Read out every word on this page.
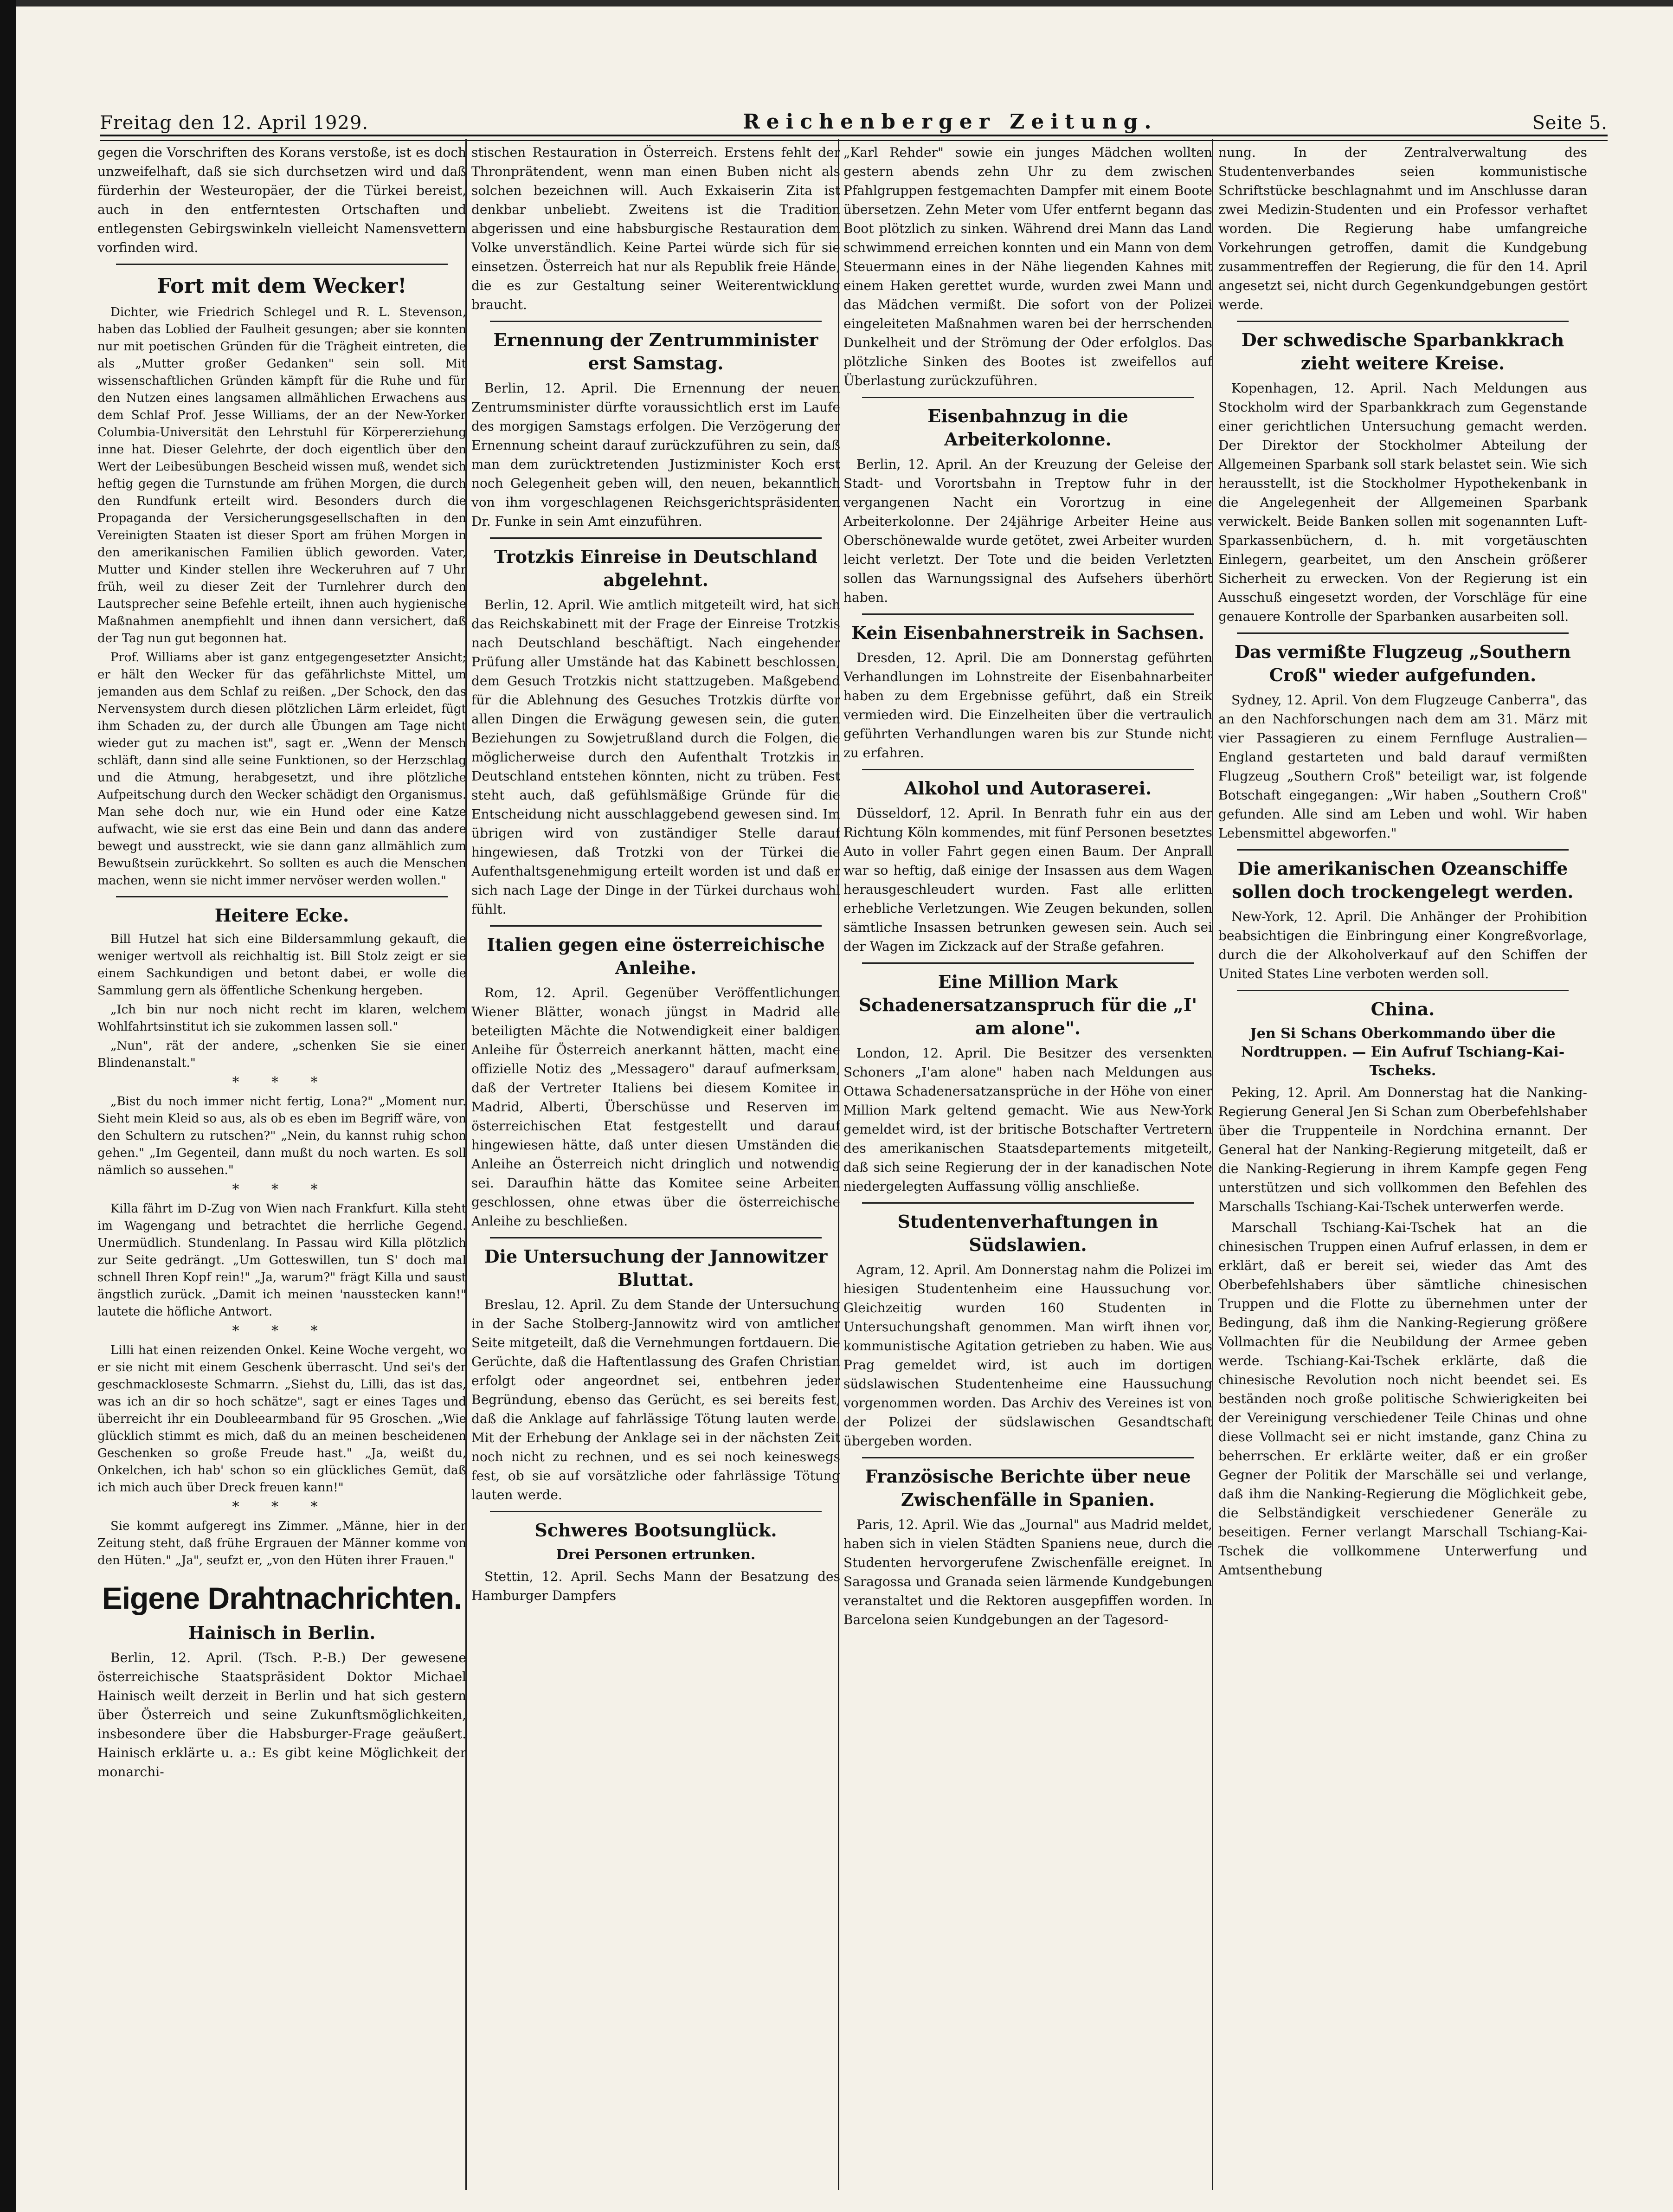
Freitag den 12. April 1929.	Reichenberger Zeitung.	Seite 5.

gegen die Vorschriften des Korans verstoße, ist es doch unzweifelhaft, daß sie sich durchsetzen wird und daß fürderhin der Westeuropäer, der die Türkei bereist, auch in den entferntesten Ortschaften und entlegensten Gebirgswinkeln vielleicht Namensvettern vorfinden wird.

Fort mit dem Wecker!

Dichter, wie Friedrich Schlegel und R. L. Stevenson, haben das Loblied der Faulheit gesungen; aber sie konnten nur mit poetischen Gründen für die Trägheit eintreten, die als „Mutter großer Gedanken" sein soll. Mit wissenschaftlichen Gründen kämpft für die Ruhe und für den Nutzen eines langsamen allmählichen Erwachens aus dem Schlaf Prof. Jesse Williams, der an der New-Yorker Columbia-Universität den Lehrstuhl für Körpererziehung inne hat. Dieser Gelehrte, der doch eigentlich über den Wert der Leibesübungen Bescheid wissen muß, wendet sich heftig gegen die Turnstunde am frühen Morgen, die durch den Rundfunk erteilt wird. Besonders durch die Propaganda der Versicherungsgesellschaften in den Vereinigten Staaten ist dieser Sport am frühen Morgen in den amerikanischen Familien üblich geworden. Vater, Mutter und Kinder stellen ihre Weckeruhren auf 7 Uhr früh, weil zu dieser Zeit der Turnlehrer durch den Lautsprecher seine Befehle erteilt, ihnen auch hygienische Maßnahmen anempfiehlt und ihnen dann versichert, daß der Tag nun gut begonnen hat.

Prof. Williams aber ist ganz entgegengesetzter Ansicht; er hält den Wecker für das gefährlichste Mittel, um jemanden aus dem Schlaf zu reißen. „Der Schock, den das Nervensystem durch diesen plötzlichen Lärm erleidet, fügt ihm Schaden zu, der durch alle Übungen am Tage nicht wieder gut zu machen ist", sagt er. „Wenn der Mensch schläft, dann sind alle seine Funktionen, so der Herzschlag und die Atmung, herabgesetzt, und ihre plötzliche Aufpeitschung durch den Wecker schädigt den Organismus. Man sehe doch nur, wie ein Hund oder eine Katze aufwacht, wie sie erst das eine Bein und dann das andere bewegt und ausstreckt, wie sie dann ganz allmählich zum Bewußtsein zurückkehrt. So sollten es auch die Menschen machen, wenn sie nicht immer nervöser werden wollen."

Heitere Ecke.

Bill Hutzel hat sich eine Bildersammlung gekauft, die weniger wertvoll als reichhaltig ist. Bill Stolz zeigt er sie einem Sachkundigen und betont dabei, er wolle die Sammlung gern als öffentliche Schenkung hergeben.

„Ich bin nur noch nicht recht im klaren, welchem Wohlfahrtsinstitut ich sie zukommen lassen soll."

„Nun", rät der andere, „schenken Sie sie einer Blindenanstalt."

* * *

„Bist du noch immer nicht fertig, Lona?" „Moment nur. Sieht mein Kleid so aus, als ob es eben im Begriff wäre, von den Schultern zu rutschen?" „Nein, du kannst ruhig schon gehen." „Im Gegenteil, dann mußt du noch warten. Es soll nämlich so aussehen."

* * *

Killa fährt im D-Zug von Wien nach Frankfurt. Killa steht im Wagengang und betrachtet die herrliche Gegend. Unermüdlich. Stundenlang. In Passau wird Killa plötzlich zur Seite gedrängt. „Um Gotteswillen, tun S' doch mal schnell Ihren Kopf rein!" „Ja, warum?" frägt Killa und saust ängstlich zurück. „Damit ich meinen 'nausstecken kann!" lautete die höfliche Antwort.

* * *

Lilli hat einen reizenden Onkel. Keine Woche vergeht, wo er sie nicht mit einem Geschenk überrascht. Und sei's der geschmackloseste Schmarrn. „Siehst du, Lilli, das ist das, was ich an dir so hoch schätze", sagt er eines Tages und überreicht ihr ein Doubleearmband für 95 Groschen. „Wie glücklich stimmt es mich, daß du an meinen bescheidenen Geschenken so große Freude hast." „Ja, weißt du, Onkelchen, ich hab' schon so ein glückliches Gemüt, daß ich mich auch über Dreck freuen kann!"

* * *

Sie kommt aufgeregt ins Zimmer. „Männe, hier in der Zeitung steht, daß frühe Ergrauen der Männer komme von den Hüten." „Ja", seufzt er, „von den Hüten ihrer Frauen."

Eigene Drahtnachrichten.
Hainisch in Berlin.

Berlin, 12. April. (Tsch. P.-B.) Der gewesene österreichische Staatspräsident Doktor Michael Hainisch weilt derzeit in Berlin und hat sich gestern über Österreich und seine Zukunftsmöglichkeiten, insbesondere über die Habsburger-Frage geäußert. Hainisch erklärte u. a.: Es gibt keine Möglichkeit der monarchi-

stischen Restauration in Österreich. Erstens fehlt der Thronprätendent, wenn man einen Buben nicht als solchen bezeichnen will. Auch Exkaiserin Zita ist denkbar unbeliebt. Zweitens ist die Tradition abgerissen und eine habsburgische Restauration dem Volke unverständlich. Keine Partei würde sich für sie einsetzen. Österreich hat nur als Republik freie Hände, die es zur Gestaltung seiner Weiterentwicklung braucht.

Ernennung der Zentrumminister erst Samstag.

Berlin, 12. April. Die Ernennung der neuen Zentrumsminister dürfte voraussichtlich erst im Laufe des morgigen Samstags erfolgen. Die Verzögerung der Ernennung scheint darauf zurückzuführen zu sein, daß man dem zurücktretenden Justizminister Koch erst noch Gelegenheit geben will, den neuen, bekanntlich von ihm vorgeschlagenen Reichsgerichtspräsidenten Dr. Funke in sein Amt einzuführen.

Trotzkis Einreise in Deutschland abgelehnt.

Berlin, 12. April. Wie amtlich mitgeteilt wird, hat sich das Reichskabinett mit der Frage der Einreise Trotzkis nach Deutschland beschäftigt. Nach eingehender Prüfung aller Umstände hat das Kabinett beschlossen, dem Gesuch Trotzkis nicht stattzugeben. Maßgebend für die Ablehnung des Gesuches Trotzkis dürfte vor allen Dingen die Erwägung gewesen sein, die guten Beziehungen zu Sowjetrußland durch die Folgen, die möglicherweise durch den Aufenthalt Trotzkis in Deutschland entstehen könnten, nicht zu trüben. Fest steht auch, daß gefühlsmäßige Gründe für die Entscheidung nicht ausschlaggebend gewesen sind. Im übrigen wird von zuständiger Stelle darauf hingewiesen, daß Trotzki von der Türkei die Aufenthaltsgenehmigung erteilt worden ist und daß er sich nach Lage der Dinge in der Türkei durchaus wohl fühlt.

Italien gegen eine österreichische Anleihe.

Rom, 12. April. Gegenüber Veröffentlichungen Wiener Blätter, wonach jüngst in Madrid alle beteiligten Mächte die Notwendigkeit einer baldigen Anleihe für Österreich anerkannt hätten, macht eine offizielle Notiz des „Messagero" darauf aufmerksam, daß der Vertreter Italiens bei diesem Komitee in Madrid, Alberti, Überschüsse und Reserven im österreichischen Etat festgestellt und darauf hingewiesen hätte, daß unter diesen Umständen die Anleihe an Österreich nicht dringlich und notwendig sei. Daraufhin hätte das Komitee seine Arbeiten geschlossen, ohne etwas über die österreichische Anleihe zu beschließen.

Die Untersuchung der Jannowitzer Bluttat.

Breslau, 12. April. Zu dem Stande der Untersuchung in der Sache Stolberg-Jannowitz wird von amtlicher Seite mitgeteilt, daß die Vernehmungen fortdauern. Die Gerüchte, daß die Haftentlassung des Grafen Christian erfolgt oder angeordnet sei, entbehren jeder Begründung, ebenso das Gerücht, es sei bereits fest, daß die Anklage auf fahrlässige Tötung lauten werde. Mit der Erhebung der Anklage sei in der nächsten Zeit noch nicht zu rechnen, und es sei noch keineswegs fest, ob sie auf vorsätzliche oder fahrlässige Tötung lauten werde.

Schweres Bootsunglück.
Drei Personen ertrunken.

Stettin, 12. April. Sechs Mann der Besatzung des Hamburger Dampfers

„Karl Rehder" sowie ein junges Mädchen wollten gestern abends zehn Uhr zu dem zwischen Pfahlgruppen festgemachten Dampfer mit einem Boote übersetzen. Zehn Meter vom Ufer entfernt begann das Boot plötzlich zu sinken. Während drei Mann das Land schwimmend erreichen konnten und ein Mann von dem Steuermann eines in der Nähe liegenden Kahnes mit einem Haken gerettet wurde, wurden zwei Mann und das Mädchen vermißt. Die sofort von der Polizei eingeleiteten Maßnahmen waren bei der herrschenden Dunkelheit und der Strömung der Oder erfolglos. Das plötzliche Sinken des Bootes ist zweifellos auf Überlastung zurückzuführen.

Eisenbahnzug in die Arbeiterkolonne.

Berlin, 12. April. An der Kreuzung der Geleise der Stadt- und Vorortsbahn in Treptow fuhr in der vergangenen Nacht ein Vorortzug in eine Arbeiterkolonne. Der 24jährige Arbeiter Heine aus Oberschönewalde wurde getötet, zwei Arbeiter wurden leicht verletzt. Der Tote und die beiden Verletzten sollen das Warnungssignal des Aufsehers überhört haben.

Kein Eisenbahnerstreik in Sachsen.

Dresden, 12. April. Die am Donnerstag geführten Verhandlungen im Lohnstreite der Eisenbahnarbeiter haben zu dem Ergebnisse geführt, daß ein Streik vermieden wird. Die Einzelheiten über die vertraulich geführten Verhandlungen waren bis zur Stunde nicht zu erfahren.

Alkohol und Autoraserei.

Düsseldorf, 12. April. In Benrath fuhr ein aus der Richtung Köln kommendes, mit fünf Personen besetztes Auto in voller Fahrt gegen einen Baum. Der Anprall war so heftig, daß einige der Insassen aus dem Wagen herausgeschleudert wurden. Fast alle erlitten erhebliche Verletzungen. Wie Zeugen bekunden, sollen sämtliche Insassen betrunken gewesen sein. Auch sei der Wagen im Zickzack auf der Straße gefahren.

Eine Million Mark Schadenersatzanspruch für die „I' am alone".

London, 12. April. Die Besitzer des versenkten Schoners „I'am alone" haben nach Meldungen aus Ottawa Schadenersatzansprüche in der Höhe von einer Million Mark geltend gemacht. Wie aus New-York gemeldet wird, ist der britische Botschafter Vertretern des amerikanischen Staatsdepartements mitgeteilt, daß sich seine Regierung der in der kanadischen Note niedergelegten Auffassung völlig anschließe.

Studentenverhaftungen in Südslawien.

Agram, 12. April. Am Donnerstag nahm die Polizei im hiesigen Studentenheim eine Haussuchung vor. Gleichzeitig wurden 160 Studenten in Untersuchungshaft genommen. Man wirft ihnen vor, kommunistische Agitation getrieben zu haben. Wie aus Prag gemeldet wird, ist auch im dortigen südslawischen Studentenheime eine Haussuchung vorgenommen worden. Das Archiv des Vereines ist von der Polizei der südslawischen Gesandtschaft übergeben worden.

Französische Berichte über neue Zwischenfälle in Spanien.

Paris, 12. April. Wie das „Journal" aus Madrid meldet, haben sich in vielen Städten Spaniens neue, durch die Studenten hervorgerufene Zwischenfälle ereignet. In Saragossa und Granada seien lärmende Kundgebungen veranstaltet und die Rektoren ausgepfiffen worden. In Barcelona seien Kundgebungen an der Tagesord-

nung. In der Zentralverwaltung des Studentenverbandes seien kommunistische Schriftstücke beschlagnahmt und im Anschlusse daran zwei Medizin-Studenten und ein Professor verhaftet worden. Die Regierung habe umfangreiche Vorkehrungen getroffen, damit die Kundgebung zusammentreffen der Regierung, die für den 14. April angesetzt sei, nicht durch Gegenkundgebungen gestört werde.

Der schwedische Sparbankkrach zieht weitere Kreise.

Kopenhagen, 12. April. Nach Meldungen aus Stockholm wird der Sparbankkrach zum Gegenstande einer gerichtlichen Untersuchung gemacht werden. Der Direktor der Stockholmer Abteilung der Allgemeinen Sparbank soll stark belastet sein. Wie sich herausstellt, ist die Stockholmer Hypothekenbank in die Angelegenheit der Allgemeinen Sparbank verwickelt. Beide Banken sollen mit sogenannten Luft-Sparkassenbüchern, d. h. mit vorgetäuschten Einlegern, gearbeitet, um den Anschein größerer Sicherheit zu erwecken. Von der Regierung ist ein Ausschuß eingesetzt worden, der Vorschläge für eine genauere Kontrolle der Sparbanken ausarbeiten soll.

Das vermißte Flugzeug „Southern Croß" wieder aufgefunden.

Sydney, 12. April. Von dem Flugzeuge Canberra", das an den Nachforschungen nach dem am 31. März mit vier Passagieren zu einem Fernfluge Australien—England gestarteten und bald darauf vermißten Flugzeug „Southern Croß" beteiligt war, ist folgende Botschaft eingegangen: „Wir haben „Southern Croß" gefunden. Alle sind am Leben und wohl. Wir haben Lebensmittel abgeworfen."

Die amerikanischen Ozeanschiffe sollen doch trockengelegt werden.

New-York, 12. April. Die Anhänger der Prohibition beabsichtigen die Einbringung einer Kongreßvorlage, durch die der Alkoholverkauf auf den Schiffen der United States Line verboten werden soll.

China.
Jen Si Schans Oberkommando über die Nordtruppen. — Ein Aufruf Tschiang-Kai-Tscheks.

Peking, 12. April. Am Donnerstag hat die Nanking-Regierung General Jen Si Schan zum Oberbefehlshaber über die Truppenteile in Nordchina ernannt. Der General hat der Nanking-Regierung mitgeteilt, daß er die Nanking-Regierung in ihrem Kampfe gegen Feng unterstützen und sich vollkommen den Befehlen des Marschalls Tschiang-Kai-Tschek unterwerfen werde.

Marschall Tschiang-Kai-Tschek hat an die chinesischen Truppen einen Aufruf erlassen, in dem er erklärt, daß er bereit sei, wieder das Amt des Oberbefehlshabers über sämtliche chinesischen Truppen und die Flotte zu übernehmen unter der Bedingung, daß ihm die Nanking-Regierung größere Vollmachten für die Neubildung der Armee geben werde. Tschiang-Kai-Tschek erklärte, daß die chinesische Revolution noch nicht beendet sei. Es beständen noch große politische Schwierigkeiten bei der Vereinigung verschiedener Teile Chinas und ohne diese Vollmacht sei er nicht imstande, ganz China zu beherrschen. Er erklärte weiter, daß er ein großer Gegner der Politik der Marschälle sei und verlange, daß ihm die Nanking-Regierung die Möglichkeit gebe, die Selbständigkeit verschiedener Generäle zu beseitigen. Ferner verlangt Marschall Tschiang-Kai-Tschek die vollkommene Unterwerfung und Amtsenthebung
